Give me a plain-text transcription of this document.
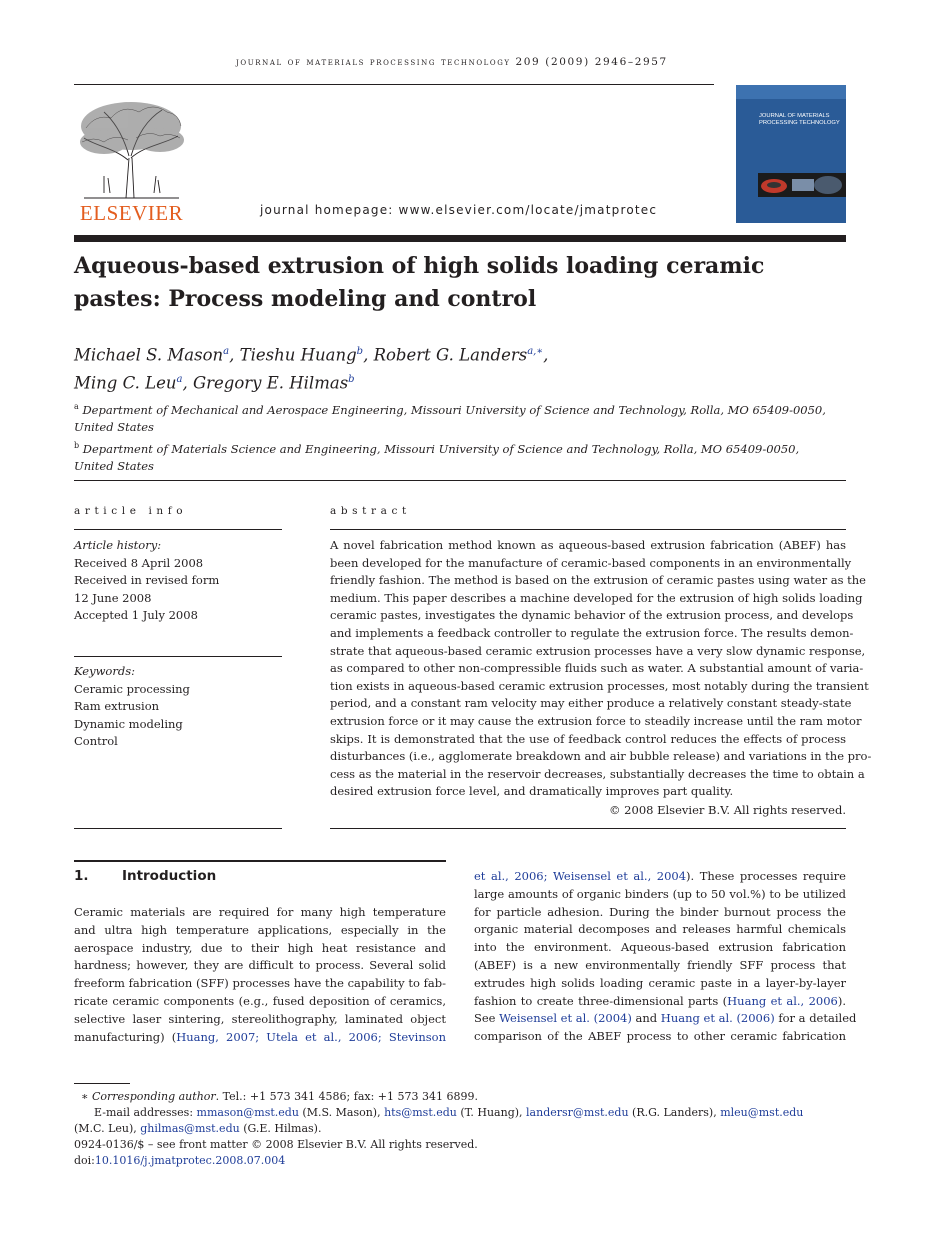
journal of materials processing technology 209 (2009) 2946–2957
ELSEVIER	journal homepage: www.elsevier.com/locate/jmatprotec
JOURNAL OF MATERIALS PROCESSING TECHNOLOGY
Aqueous-based extrusion of high solids loading ceramic
pastes: Process modeling and control
Michael S. Mason$^a$, Tieshu Huang$^b$, Robert G. Landers$^{a,∗}$,
Ming C. Leu$^a$, Gregory E. Hilmas$^b$
$^a$ Department of Mechanical and Aerospace Engineering, Missouri University of Science and Technology, Rolla, MO 65409-0050,
United States
$^b$ Department of Materials Science and Engineering, Missouri University of Science and Technology, Rolla, MO 65409-0050,
United States
article info
Article history:
Received 8 April 2008
Received in revised form
12 June 2008
Accepted 1 July 2008
Keywords:
Ceramic processing
Ram extrusion
Dynamic modeling
Control
abstract
A novel fabrication method known as aqueous-based extrusion fabrication (ABEF) has
been developed for the manufacture of ceramic-based components in an environmentally
friendly fashion. The method is based on the extrusion of ceramic pastes using water as the
medium. This paper describes a machine developed for the extrusion of high solids loading
ceramic pastes, investigates the dynamic behavior of the extrusion process, and develops
and implements a feedback controller to regulate the extrusion force. The results demon-
strate that aqueous-based ceramic extrusion processes have a very slow dynamic response,
as compared to other non-compressible fluids such as water. A substantial amount of varia-
tion exists in aqueous-based ceramic extrusion processes, most notably during the transient
period, and a constant ram velocity may either produce a relatively constant steady-state
extrusion force or it may cause the extrusion force to steadily increase until the ram motor
skips. It is demonstrated that the use of feedback control reduces the effects of process
disturbances (i.e., agglomerate breakdown and air bubble release) and variations in the pro-
cess as the material in the reservoir decreases, substantially decreases the time to obtain a
desired extrusion force level, and dramatically improves part quality.
© 2008 Elsevier B.V. All rights reserved.
1. Introduction
Ceramic materials are required for many high temperature
and ultra high temperature applications, especially in the
aerospace industry, due to their high heat resistance and
hardness; however, they are difficult to process. Several solid
freeform fabrication (SFF) processes have the capability to fab-
ricate ceramic components (e.g., fused deposition of ceramics,
selective laser sintering, stereolithography, laminated object
manufacturing) (Huang, 2007; Utela et al., 2006; Stevinson
et al., 2006; Weisensel et al., 2004). These processes require
large amounts of organic binders (up to 50 vol.%) to be utilized
for particle adhesion. During the binder burnout process the
organic material decomposes and releases harmful chemicals
into the environment. Aqueous-based extrusion fabrication
(ABEF) is a new environmentally friendly SFF process that
extrudes high solids loading ceramic paste in a layer-by-layer
fashion to create three-dimensional parts (Huang et al., 2006).
See Weisensel et al. (2004) and Huang et al. (2006) for a detailed
comparison of the ABEF process to other ceramic fabrication
∗ Corresponding author. Tel.: +1 573 341 4586; fax: +1 573 341 6899.
E-mail addresses: mmason@mst.edu (M.S. Mason), hts@mst.edu (T. Huang), landersr@mst.edu (R.G. Landers), mleu@mst.edu
(M.C. Leu), ghilmas@mst.edu (G.E. Hilmas).
0924-0136/$ – see front matter © 2008 Elsevier B.V. All rights reserved.
doi:10.1016/j.jmatprotec.2008.07.004
